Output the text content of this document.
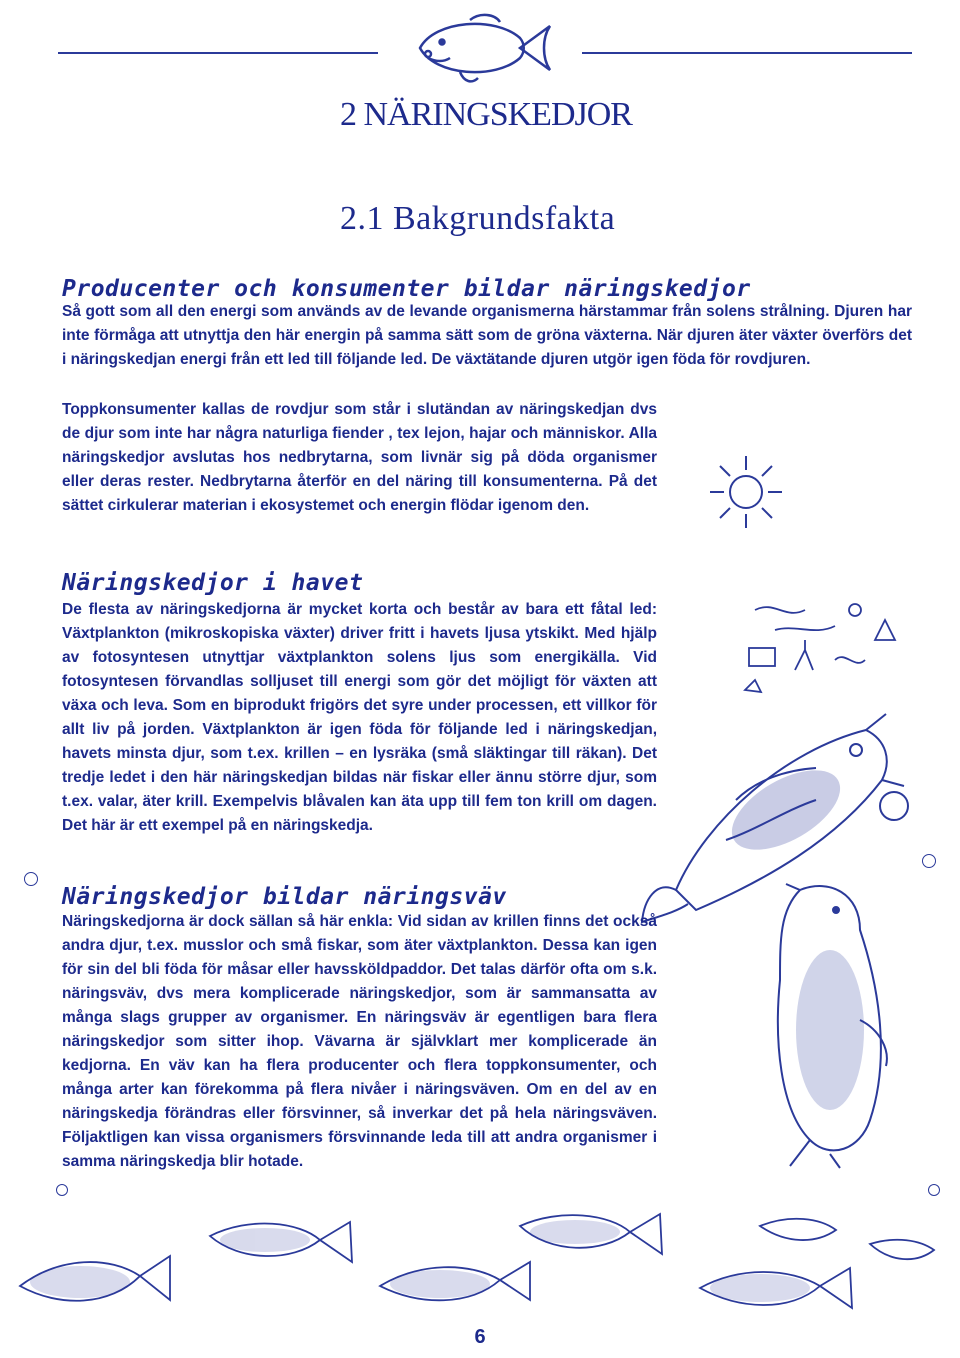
2 NÄRINGSKEDJOR
2.1 Bakgrundsfakta
Producenter och konsumenter bildar näringskedjor

Så gott som all den energi som används av de levande organismerna härstammar från solens strålning. Djuren har inte förmåga att utnyttja den här energin på samma sätt som de gröna växterna. När djuren äter växter överförs det i näringskedjan energi från ett led till följande led. De växtätande djuren utgör igen föda för rovdjuren.

Toppkonsumenter kallas de rovdjur som står i slutändan av näringskedjan dvs de djur som inte har några naturliga fiender , tex lejon, hajar och människor. Alla näringskedjor avslutas hos nedbrytarna, som livnär sig på döda organismer eller deras rester. Nedbrytarna återför en del näring till konsumenterna. På det sättet cirkulerar materian i ekosystemet och energin flödar igenom den.

Näringskedjor i havet

De flesta av näringskedjorna är mycket korta och består av bara ett fåtal led: Växtplankton (mikroskopiska växter) driver fritt i havets ljusa ytskikt. Med hjälp av fotosyntesen utnyttjar växtplankton solens ljus som energikälla. Vid fotosyntesen förvandlas solljuset till energi som gör det möjligt för växten att växa och leva. Som en biprodukt frigörs det syre under processen, ett villkor för allt liv på jorden. Växtplankton är igen föda för följande led i näringskedjan, havets minsta djur, som t.ex. krillen – en lysräka (små släktingar till räkan). Det tredje ledet i den här näringskedjan bildas när fiskar eller ännu större djur, som t.ex. valar, äter krill. Exempelvis blåvalen kan äta upp till fem ton krill om dagen. Det här är ett exempel på en näringskedja.

Näringskedjor bildar näringsväv

Näringskedjorna är dock sällan så här enkla: Vid sidan av krillen finns det också andra djur, t.ex. musslor och små fiskar, som äter växtplankton. Dessa kan igen för sin del bli föda för måsar eller havssköldpaddor. Det talas därför ofta om s.k. näringsväv, dvs mera komplicerade näringskedjor, som är sammansatta av många slags grupper av organismer. En näringsväv är egentligen bara flera näringskedjor som sitter ihop. Vävarna är självklart mer komplicerade än kedjorna. En väv kan ha flera producenter och flera toppkonsumenter, och många arter kan förekomma på flera nivåer i näringsväven. Om en del av en näringskedja förändras eller försvinner, så inverkar det på hela näringsväven. Följaktligen kan vissa organismers försvinnande leda till att andra organismer i samma näringskedja blir hotade.

6
